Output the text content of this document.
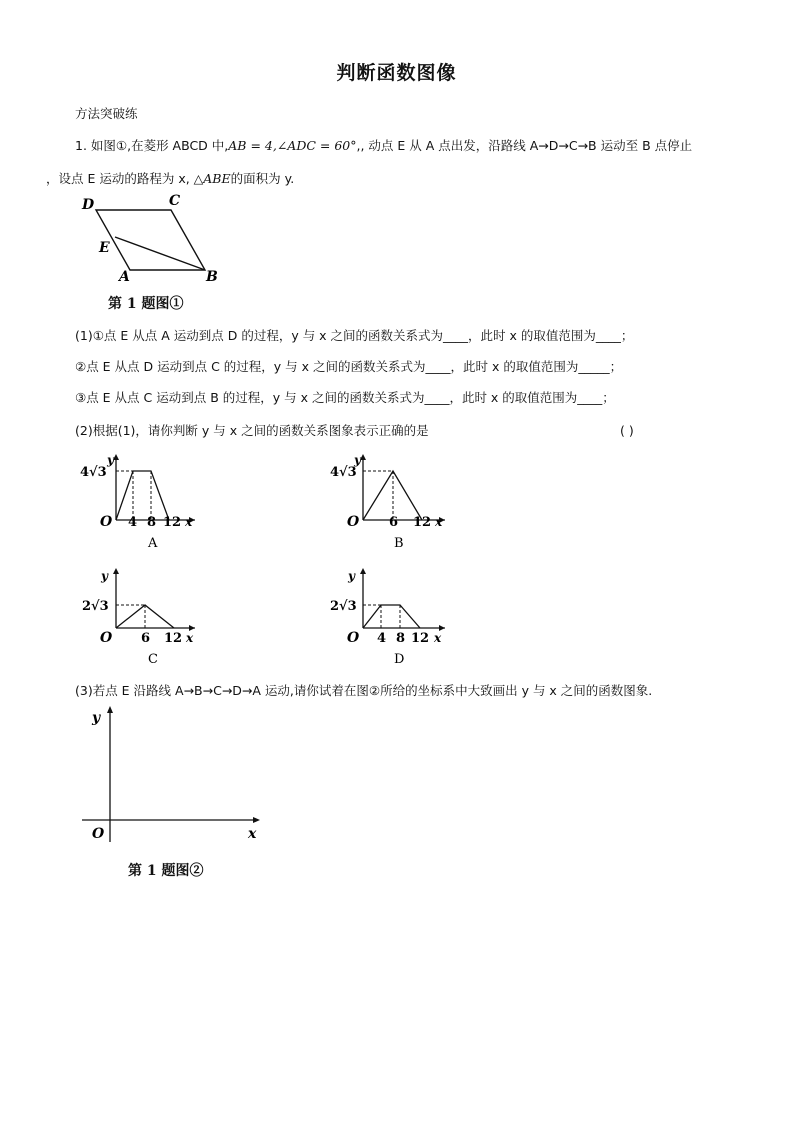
判断函数图像
方法突破练
1. 如图①,在菱形 ABCD 中,AB = 4,∠ADC = 60°,, 动点 E 从 A 点出发，沿路线 A→D→C→B 运动至 B 点停止
，设点 E 运动的路程为 x, △ABE的面积为 y.
D	C
E
A	B
第 1 题图①
(1)①点 E 从点 A 运动到点 D 的过程，y 与 x 之间的函数关系式为____，此时 x 的取值范围为____；
②点 E 从点 D 运动到点 C 的过程，y 与 x 之间的函数关系式为____，此时 x 的取值范围为_____；
③点 E 从点 C 运动到点 B 的过程，y 与 x 之间的函数关系式为____，此时 x 的取值范围为____；
(2)根据(1)，请你判断 y 与 x 之间的函数关系图象表示正确的是	( )
y
4√3
O 4 8 12 x
A
y
4√3
O 6 12 x
B
y
2√3
O 6 12 x
C
y
2√3
O 4 8 12 x
D
(3)若点 E 沿路线 A→B→C→D→A 运动,请你试着在图②所给的坐标系中大致画出 y 与 x 之间的函数图象.
y
O	x
第 1 题图②
